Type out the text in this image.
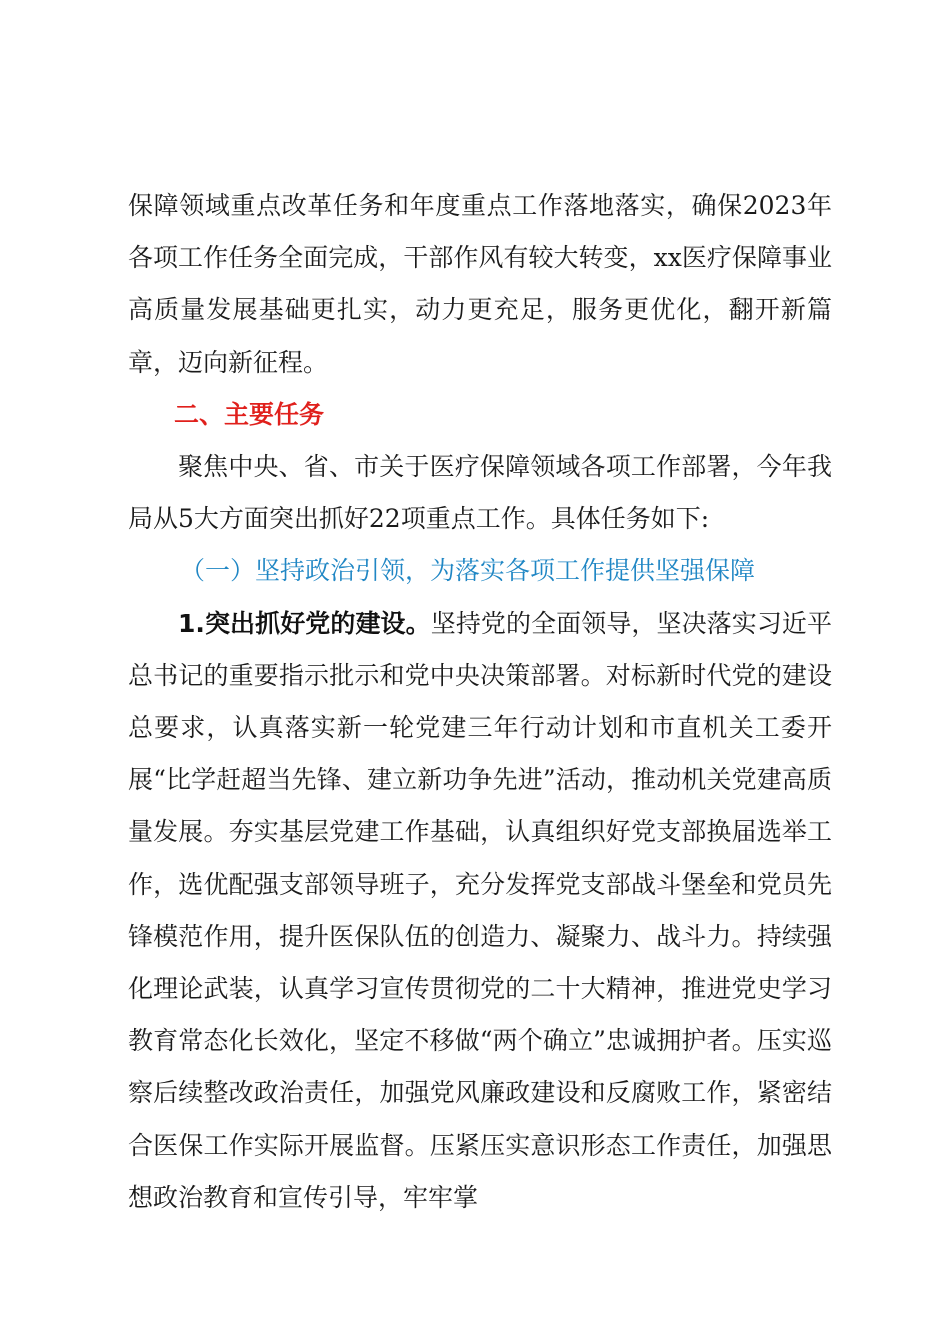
保障领域重点改革任务和年度重点工作落地落实，确保2023年各项工作任务全面完成，干部作风有较大转变，xx医疗保障事业高质量发展基础更扎实，动力更充足，服务更优化，翻开新篇章，迈向新征程。

二、主要任务

聚焦中央、省、市关于医疗保障领域各项工作部署，今年我局从5大方面突出抓好22项重点工作。具体任务如下:

（一）坚持政治引领，为落实各项工作提供坚强保障

1.突出抓好党的建设。坚持党的全面领导，坚决落实习近平总书记的重要指示批示和党中央决策部署。对标新时代党的建设总要求，认真落实新一轮党建三年行动计划和市直机关工委开展“比学赶超当先锋、建立新功争先进”活动，推动机关党建高质量发展。夯实基层党建工作基础，认真组织好党支部换届选举工作，选优配强支部领导班子，充分发挥党支部战斗堡垒和党员先锋模范作用，提升医保队伍的创造力、凝聚力、战斗力。持续强化理论武装，认真学习宣传贯彻党的二十大精神，推进党史学习教育常态化长效化，坚定不移做“两个确立”忠诚拥护者。压实巡察后续整改政治责任，加强党风廉政建设和反腐败工作，紧密结合医保工作实际开展监督。压紧压实意识形态工作责任，加强思想政治教育和宣传引导，牢牢掌
